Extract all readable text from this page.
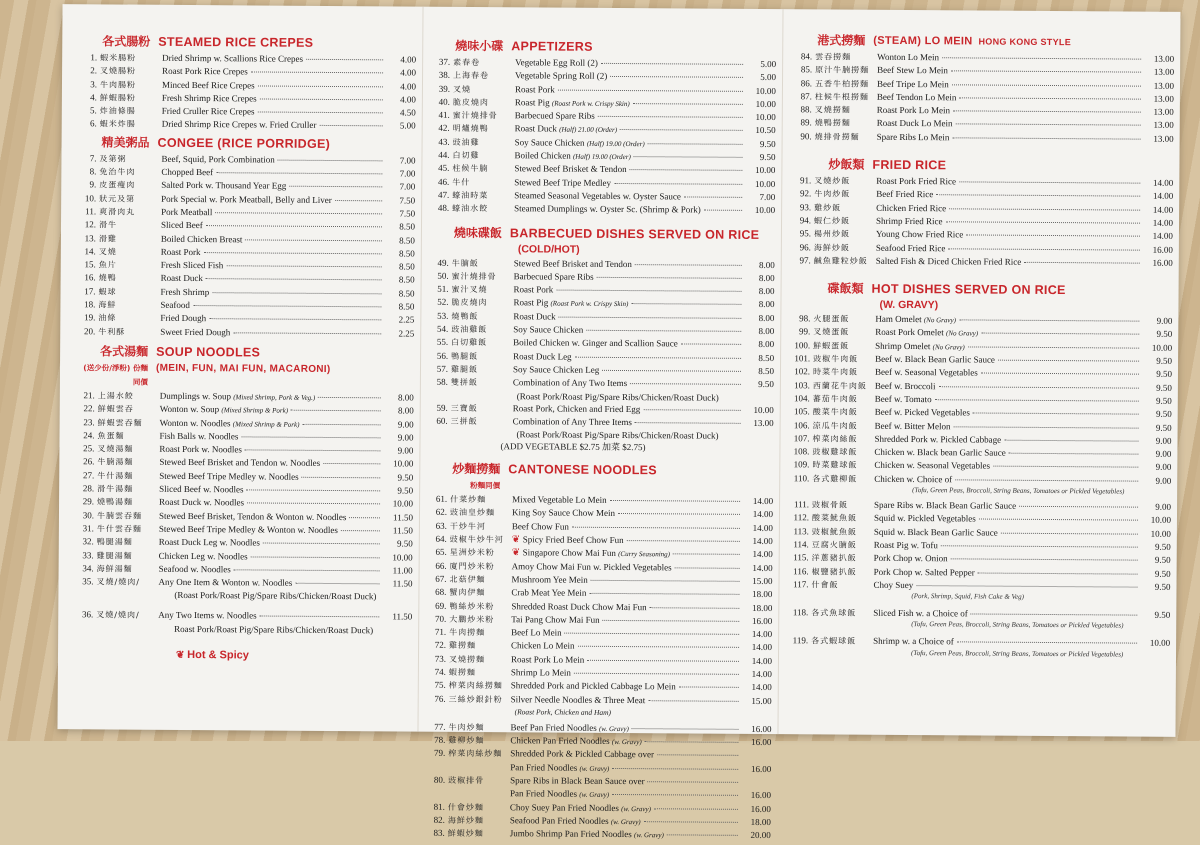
各式腸粉 STEAMED RICE CREPES
1. 蝦米腸粉	Dried Shrimp w. Scallions Rice Crepes	4.00
2. 叉燒腸粉	Roast Pork Rice Crepes	4.00
3. 牛肉腸粉	Minced Beef Rice Crepes	4.00
4. 鮮蝦腸粉	Fresh Shrimp Rice Crepes	4.00
5. 炸油條腸	Fried Cruller Rice Crepes	4.50
6. 蝦米炸腸	Dried Shrimp Rice Crepes w. Fried Cruller	5.00
精美粥品 CONGEE (RICE PORRIDGE)
7. 及第粥	Beef, Squid, Pork Combination	7.00
8. 免治牛肉	Chopped Beef	7.00
9. 皮蛋瘦肉	Salted Pork w. Thousand Year Egg	7.00
10. 狀元及第	Pork Special w. Pork Meatball, Belly and Liver	7.50
11. 爽滑肉丸	Pork Meatball	7.50
12. 滑牛	Sliced Beef	8.50
13. 滑雞	Boiled Chicken Breast	8.50
14. 叉燒	Roast Pork	8.50
15. 魚片	Fresh Sliced Fish	8.50
16. 燒鴨	Roast Duck	8.50
17. 蝦球	Fresh Shrimp	8.50
18. 海鮮	Seafood	8.50
19. 油條	Fried Dough	2.25
20. 牛利酥	Sweet Fried Dough	2.25
各式湯麵 SOUP NOODLES
(送少份/淨粉) 份麵同價
(MEIN, FUN, MAI FUN, MACARONI)
21. 上湯水餃	Dumplings w. Soup (Mixed Shrimp, Pork & Veg.)	8.00
22. 鮮蝦雲吞	Wonton w. Soup (Mixed Shrimp & Pork)	8.00
23. 鮮蝦雲吞麵	Wonton w. Noodles (Mixed Shrimp & Pork)	9.00
24. 魚蛋麵	Fish Balls w. Noodles	9.00
25. 叉燒湯麵	Roast Pork w. Noodles	9.00
26. 牛腩湯麵	Stewed Beef Brisket and Tendon w. Noodles	10.00
27. 牛什湯麵	Stewed Beef Tripe Medley w. Noodles	9.50
28. 滑牛湯麵	Sliced Beef w. Noodles	9.50
29. 燒鴨湯麵	Roast Duck w. Noodles	10.00
30. 牛腩雲吞麵	Stewed Beef Brisket, Tendon & Wonton w. Noodles	11.50
31. 牛什雲吞麵	Stewed Beef Tripe Medley & Wonton w. Noodles	11.50
32. 鴨腿湯麵	Roast Duck Leg w. Noodles	9.50
33. 雞腿湯麵	Chicken Leg w. Noodles	10.00
34. 海鮮湯麵	Seafood w. Noodles	11.00
35. 叉燒/燒肉/	Any One Item & Wonton w. Noodles	11.50
(Roast Pork/Roast Pig/Spare Ribs/Chicken/Roast Duck)
36. 叉燒/燒肉/	Any Two Items w. Noodles	11.50
Roast Pork/Roast Pig/Spare Ribs/Chicken/Roast Duck)
❦ Hot & Spicy
燒味小碟 APPETIZERS
37. 素春卷	Vegetable Egg Roll (2)	5.00
38. 上海春卷	Vegetable Spring Roll (2)	5.00
39. 叉燒	Roast Pork	10.00
40. 脆皮燒肉	Roast Pig (Roast Pork w. Crispy Skin)	10.00
41. 蜜汁燒排骨	Barbecued Spare Ribs	10.00
42. 明爐燒鴨	Roast Duck (Half) 21.00 (Order)	10.50
43. 豉油雞	Soy Sauce Chicken (Half) 19.00 (Order)	9.50
44. 白切雞	Boiled Chicken (Half) 19.00 (Order)	9.50
45. 柱候牛腩	Stewed Beef Brisket & Tendon	10.00
46. 牛什	Stewed Beef Tripe Medley	10.00
47. 蠔油時菜	Steamed Seasonal Vegetables w. Oyster Sauce	7.00
48. 蠔油水餃	Steamed Dumplings w. Oyster Sc. (Shrimp & Pork)	10.00
燒味碟飯 BARBECUED DISHES SERVED ON RICE
(COLD/HOT)
49. 牛腩飯	Stewed Beef Brisket and Tendon	8.00
50. 蜜汁燒排骨	Barbecued Spare Ribs	8.00
51. 蜜汁叉燒	Roast Pork	8.00
52. 脆皮燒肉	Roast Pig (Roast Pork w. Crispy Skin)	8.00
53. 燒鴨飯	Roast Duck	8.00
54. 豉油雞飯	Soy Sauce Chicken	8.00
55. 白切雞飯	Boiled Chicken w. Ginger and Scallion Sauce	8.00
56. 鴨腿飯	Roast Duck Leg	8.50
57. 雞腿飯	Soy Sauce Chicken Leg	8.50
58. 雙拼飯	Combination of Any Two Items	9.50
(Roast Pork/Roast Pig/Spare Ribs/Chicken/Roast Duck)
59. 三寶飯	Roast Pork, Chicken and Fried Egg	10.00
60. 三拼飯	Combination of Any Three Items	13.00
(Roast Pork/Roast Pig/Spare Ribs/Chicken/Roast Duck)
(ADD VEGETABLE $2.75 加菜 $2.75)
炒麵撈麵 CANTONESE NOODLES
粉麵同價
61. 什菜炒麵	Mixed Vegetable Lo Mein	14.00
62. 豉油皇炒麵	King Soy Sauce Chow Mein	14.00
63. 干炒牛河	Beef Chow Fun	14.00
64. 豉椒牛炒牛河 ❦ Spicy Fried Beef Chow Fun	14.00
65. 星洲炒米粉	❦ Singapore Chow Mai Fun (Curry Seasoning)	14.00
66. 廈門炒米粉	Amoy Chow Mai Fun w. Pickled Vegetables	14.00
67. 北菇伊麵	Mushroom Yee Mein	15.00
68. 蟹肉伊麵	Crab Meat Yee Mein	18.00
69. 鴨絲炒米粉	Shredded Roast Duck Chow Mai Fun	18.00
70. 大鵬炒米粉	Tai Pang Chow Mai Fun	16.00
71. 牛肉撈麵	Beef Lo Mein	14.00
72. 雞撈麵	Chicken Lo Mein	14.00
73. 叉燒撈麵	Roast Pork Lo Mein	14.00
74. 蝦撈麵	Shrimp Lo Mein	14.00
75. 榨菜肉絲撈麵 Shredded Pork and Pickled Cabbage Lo Mein	14.00
76. 三絲炒銀針粉 Silver Needle Noodles & Three Meat	15.00
(Roast Pork, Chicken and Ham)
77. 牛肉炒麵	Beef Pan Fried Noodles (w. Gravy)	16.00
78. 雞柳炒麵	Chicken Pan Fried Noodles (w. Gravy)	16.00
79. 榨菜肉絲炒麵 Shredded Pork & Pickled Cabbage over
Pan Fried Noodles (w. Gravy)	16.00
80. 豉椒排骨	Spare Ribs in Black Bean Sauce over
Pan Fried Noodles (w. Gravy)	16.00
81. 什會炒麵	Choy Suey Pan Fried Noodles (w. Gravy)	16.00
82. 海鮮炒麵	Seafood Pan Fried Noodles (w. Gravy)	18.00
83. 鮮蝦炒麵	Jumbo Shrimp Pan Fried Noodles (w. Gravy)	20.00
港式撈麵 (STEAM) LO MEIN HONG KONG STYLE
84. 雲吞撈麵	Wonton Lo Mein	13.00
85. 原汁牛腩撈麵 Beef Stew Lo Mein	13.00
86. 五香牛柏撈麵 Beef Tripe Lo Mein	13.00
87. 柱候牛根撈麵 Beef Tendon Lo Mein	13.00
88. 叉燒撈麵	Roast Pork Lo Mein	13.00
89. 燒鴨撈麵	Roast Duck Lo Mein	13.00
90. 燒排骨撈麵	Spare Ribs Lo Mein	13.00
炒飯類 FRIED RICE
91. 叉燒炒飯	Roast Pork Fried Rice	14.00
92. 牛肉炒飯	Beef Fried Rice	14.00
93. 雞炒飯	Chicken Fried Rice	14.00
94. 蝦仁炒飯	Shrimp Fried Rice	14.00
95. 楊州炒飯	Young Chow Fried Rice	14.00
96. 海鮮炒飯	Seafood Fried Rice	16.00
97. 鹹魚雞粒炒飯 Salted Fish & Diced Chicken Fried Rice	16.00
碟飯類 HOT DISHES SERVED ON RICE
(W. GRAVY)
98. 火腿蛋飯	Ham Omelet (No Gravy)	9.00
99. 叉燒蛋飯	Roast Pork Omelet (No Gravy)	9.50
100. 鮮蝦蛋飯	Shrimp Omelet (No Gravy)	10.00
101. 豉椒牛肉飯	Beef w. Black Bean Garlic Sauce	9.50
102. 時菜牛肉飯	Beef w. Seasonal Vegetables	9.50
103. 西蘭花牛肉飯 Beef w. Broccoli	9.50
104. 蕃茄牛肉飯	Beef w. Tomato	9.50
105. 酸菜牛肉飯	Beef w. Picked Vegetables	9.50
106. 涼瓜牛肉飯	Beef w. Bitter Melon	9.50
107. 榨菜肉絲飯	Shredded Pork w. Pickled Cabbage	9.00
108. 豉椒雞球飯	Chicken w. Black bean Garlic Sauce	9.00
109. 時菜雞球飯	Chicken w. Seasonal Vegetables	9.00
110. 各式雞柳飯	Chicken w. Choice of	9.00
(Tofu, Green Peas, Broccoli, String Beans, Tomatoes or Pickled Vegetables)
111. 豉椒骨飯	Spare Ribs w. Black Bean Garlic Sauce	9.00
112. 酸菜魷魚飯	Squid w. Pickled Vegetables	10.00
113. 豉椒魷魚飯	Squid w. Black Bean Garlic Sauce	10.00
114. 豆腐火腩飯	Roast Pig w. Tofu	9.50
115. 洋蔥豬扒飯	Pork Chop w. Onion	9.50
116. 椒鹽豬扒飯	Pork Chop w. Salted Pepper	9.50
117. 什會飯	Choy Suey	9.50
(Pork, Shrimp, Squid, Fish Cake & Veg)
118. 各式魚球飯	Sliced Fish w. a Choice of	9.50
(Tofu, Green Peas, Broccoli, String Beans, Tomatoes or Pickled Vegetables)
119. 各式蝦球飯	Shrimp w. a Choice of	10.00
(Tofu, Green Peas, Broccoli, String Beans, Tomatoes or Pickled Vegetables)
